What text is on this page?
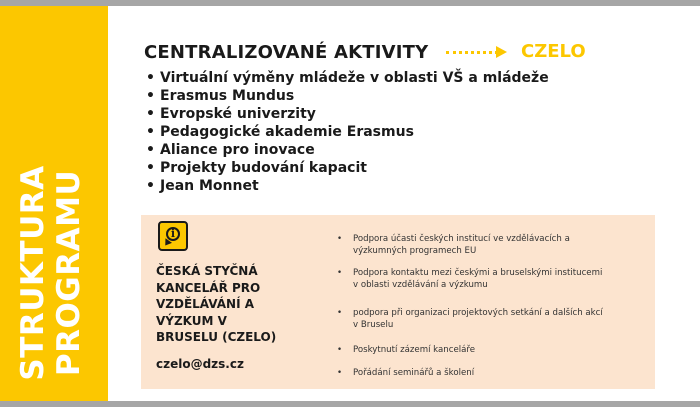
STRUKTURA PROGRAMU
CENTRALIZOVANÉ AKTIVITY	CZELO
• Virtuální výměny mládeže v oblasti VŠ a mládeže
• Erasmus Mundus
• Evropské univerzity
• Pedagogické akademie Erasmus
• Aliance pro inovace
• Projekty budování kapacit
• Jean Monnet
i
ČESKÁ STYČNÁ
KANCELÁŘ PRO
VZDĚLÁVÁNÍ A
VÝZKUM V
BRUSELU (CZELO)
czelo@dzs.cz
• Podpora účasti českých institucí ve vzdělávacích a
výzkumných programech EU
• Podpora kontaktu mezi českými a bruselskými institucemi
v oblasti vzdělávání a výzkumu
• podpora při organizaci projektových setkání a dalších akcí
v Bruselu
• Poskytnutí zázemí kanceláře
• Pořádání seminářů a školení
